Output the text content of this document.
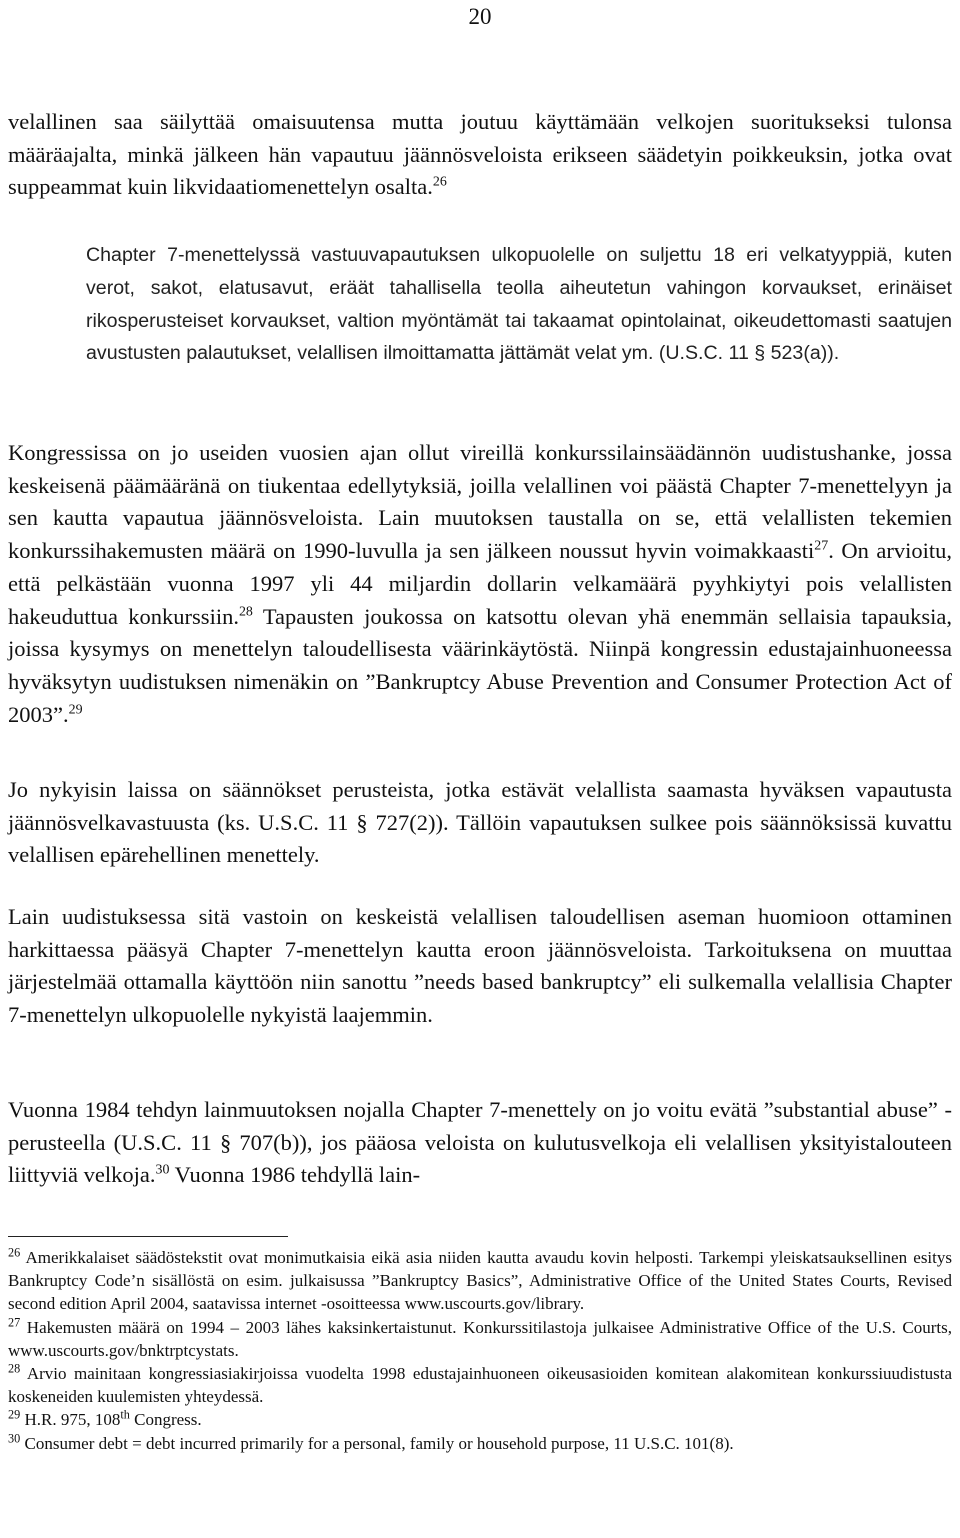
20

velallinen saa säilyttää omaisuutensa mutta joutuu käyttämään velkojen suoritukseksi tulonsa määräajalta, minkä jälkeen hän vapautuu jäännösveloista erikseen säädetyin poikkeuksin, jotka ovat suppeammat kuin likvidaatiomenettelyn osalta.$^{26}$

Chapter 7-menettelyssä vastuuvapautuksen ulkopuolelle on suljettu 18 eri velkatyyppiä, kuten verot, sakot, elatusavut, eräät tahallisella teolla aiheutetun vahingon korvaukset, erinäiset rikosperusteiset korvaukset, valtion myöntämät tai takaamat opintolainat, oikeudettomasti saatujen avustusten palautukset, velallisen ilmoittamatta jättämät velat ym. (U.S.C. 11 § 523(a)).

Kongressissa on jo useiden vuosien ajan ollut vireillä konkurssilainsäädännön uudistushanke, jossa keskeisenä päämääränä on tiukentaa edellytyksiä, joilla velallinen voi päästä Chapter 7-menettelyyn ja sen kautta vapautua jäännösveloista. Lain muutoksen taustalla on se, että velallisten tekemien konkurssihakemusten määrä on 1990-luvulla ja sen jälkeen noussut hyvin voimakkaasti$^{27}$. On arvioitu, että pelkästään vuonna 1997 yli 44 miljardin dollarin velkamäärä pyyhkiytyi pois velallisten hakeuduttua konkurssiin.$^{28}$ Tapausten joukossa on katsottu olevan yhä enemmän sellaisia tapauksia, joissa kysymys on menettelyn taloudellisesta väärinkäytöstä. Niinpä kongressin edustajainhuoneessa hyväksytyn uudistuksen nimenäkin on ”Bankruptcy Abuse Prevention and Consumer Protection Act of 2003”.$^{29}$

Jo nykyisin laissa on säännökset perusteista, jotka estävät velallista saamasta hyväksen vapautusta jäännösvelkavastuusta (ks. U.S.C. 11 § 727(2)). Tällöin vapautuksen sulkee pois säännöksissä kuvattu velallisen epärehellinen menettely.

Lain uudistuksessa sitä vastoin on keskeistä velallisen taloudellisen aseman huomioon ottaminen harkittaessa pääsyä Chapter 7-menettelyn kautta eroon jäännösveloista. Tarkoituksena on muuttaa järjestelmää ottamalla käyttöön niin sanottu ”needs based bankruptcy” eli sulkemalla velallisia Chapter 7-menettelyn ulkopuolelle nykyistä laajemmin.

Vuonna 1984 tehdyn lainmuutoksen nojalla Chapter 7-menettely on jo voitu evätä ”substantial abuse” -perusteella (U.S.C. 11 § 707(b)), jos pääosa veloista on kulutusvelkoja eli velallisen yksityistalouteen liittyviä velkoja.$^{30}$ Vuonna 1986 tehdyllä lain-

$^{26}$ Amerikkalaiset säädöstekstit ovat monimutkaisia eikä asia niiden kautta avaudu kovin helposti. Tarkempi yleiskatsauksellinen esitys Bankruptcy Code’n sisällöstä on esim. julkaisussa ”Bankruptcy Basics”, Administrative Office of the United States Courts, Revised second edition April 2004, saatavissa internet -osoitteessa www.uscourts.gov/library.

$^{27}$ Hakemusten määrä on 1994 – 2003 lähes kaksinkertaistunut. Konkurssitilastoja julkaisee Administrative Office of the U.S. Courts, www.uscourts.gov/bnktrptcystats.

$^{28}$ Arvio mainitaan kongressiasiakirjoissa vuodelta 1998 edustajainhuoneen oikeusasioiden komitean alakomitean konkurssiuudistusta koskeneiden kuulemisten yhteydessä.

$^{29}$ H.R. 975, 108th Congress.

$^{30}$ Consumer debt = debt incurred primarily for a personal, family or household purpose, 11 U.S.C. 101(8).
